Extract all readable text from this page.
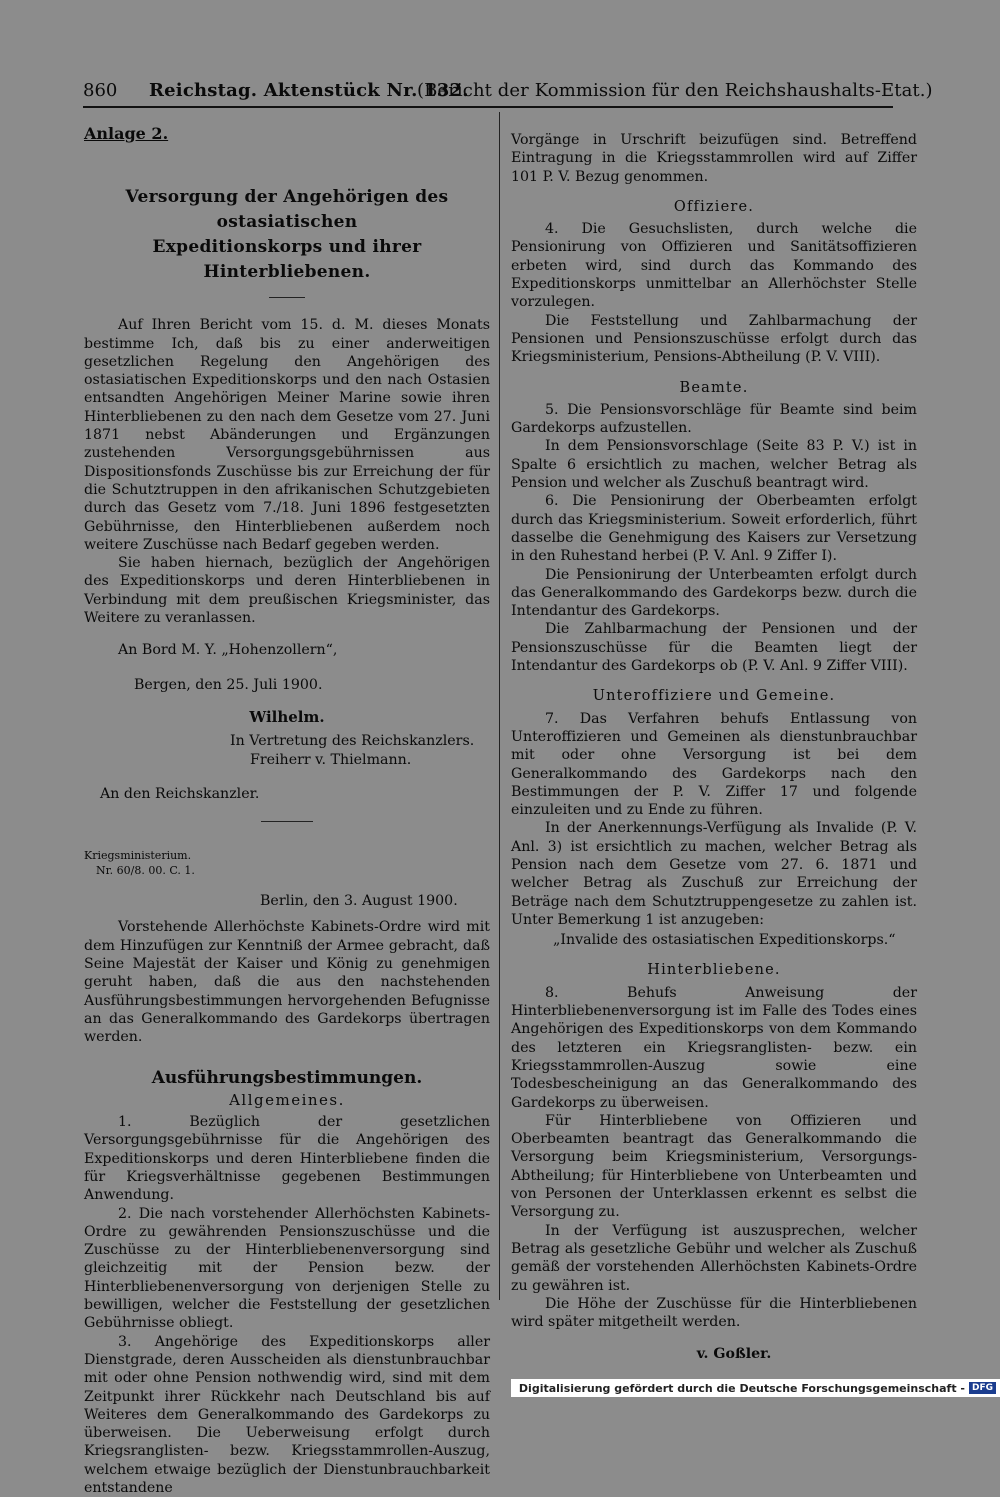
860 Reichstag. Aktenstück Nr. 132.
(Bericht der Kommission für den Reichshaushalts-Etat.)

Anlage 2.

Versorgung der Angehörigen des ostasiatischen

Expeditionskorps und ihrer Hinterbliebenen.

Auf Ihren Bericht vom 15. d. M. dieses Monats bestimme Ich, daß bis zu einer anderweitigen gesetzlichen Regelung den Angehörigen des ostasiatischen Expeditionskorps und den nach Ostasien entsandten Angehörigen Meiner Marine sowie ihren Hinterbliebenen zu den nach dem Gesetze vom 27. Juni 1871 nebst Abänderungen und Ergänzungen zustehenden Versorgungsgebührnissen aus Dispositionsfonds Zuschüsse bis zur Erreichung der für die Schutztruppen in den afrikanischen Schutzgebieten durch das Gesetz vom 7./18. Juni 1896 festgesetzten Gebührnisse, den Hinterbliebenen außerdem noch weitere Zuschüsse nach Bedarf gegeben werden.

Sie haben hiernach, bezüglich der Angehörigen des Expeditionskorps und deren Hinterbliebenen in Verbindung mit dem preußischen Kriegsminister, das Weitere zu veranlassen.

An Bord M. Y. „Hohenzollern“,

Bergen, den 25. Juli 1900.

Wilhelm.

In Vertretung des Reichskanzlers.

Freiherr v. Thielmann.

An den Reichskanzler.

Kriegsministerium.

Nr. 60/8. 00. C. 1.

Berlin, den 3. August 1900.

Vorstehende Allerhöchste Kabinets-Ordre wird mit dem Hinzufügen zur Kenntniß der Armee gebracht, daß Seine Majestät der Kaiser und König zu genehmigen geruht haben, daß die aus den nachstehenden Ausführungsbestimmungen hervorgehenden Befugnisse an das Generalkommando des Gardekorps übertragen werden.

Ausführungsbestimmungen.

Allgemeines.

1. Bezüglich der gesetzlichen Versorgungsgebührnisse für die Angehörigen des Expeditionskorps und deren Hinterbliebene finden die für Kriegsverhältnisse gegebenen Bestimmungen Anwendung.

2. Die nach vorstehender Allerhöchsten Kabinets-Ordre zu gewährenden Pensionszuschüsse und die Zuschüsse zu der Hinterbliebenenversorgung sind gleichzeitig mit der Pension bezw. der Hinterbliebenenversorgung von derjenigen Stelle zu bewilligen, welcher die Feststellung der gesetzlichen Gebührnisse obliegt.

3. Angehörige des Expeditionskorps aller Dienstgrade, deren Ausscheiden als dienstunbrauchbar mit oder ohne Pension nothwendig wird, sind mit dem Zeitpunkt ihrer Rückkehr nach Deutschland bis auf Weiteres dem Generalkommando des Gardekorps zu überweisen. Die Ueberweisung erfolgt durch Kriegsranglisten- bezw. Kriegsstammrollen-Auszug, welchem etwaige bezüglich der Dienstunbrauchbarkeit entstandene

Vorgänge in Urschrift beizufügen sind. Betreffend Eintragung in die Kriegsstammrollen wird auf Ziffer 101 P. V. Bezug genommen.

Offiziere.

4. Die Gesuchslisten, durch welche die Pensionirung von Offizieren und Sanitätsoffizieren erbeten wird, sind durch das Kommando des Expeditionskorps unmittelbar an Allerhöchster Stelle vorzulegen.

Die Feststellung und Zahlbarmachung der Pensionen und Pensionszuschüsse erfolgt durch das Kriegsministerium, Pensions-Abtheilung (P. V. VIII).

Beamte.

5. Die Pensionsvorschläge für Beamte sind beim Gardekorps aufzustellen.

In dem Pensionsvorschlage (Seite 83 P. V.) ist in Spalte 6 ersichtlich zu machen, welcher Betrag als Pension und welcher als Zuschuß beantragt wird.

6. Die Pensionirung der Oberbeamten erfolgt durch das Kriegsministerium. Soweit erforderlich, führt dasselbe die Genehmigung des Kaisers zur Versetzung in den Ruhestand herbei (P. V. Anl. 9 Ziffer I).

Die Pensionirung der Unterbeamten erfolgt durch das Generalkommando des Gardekorps bezw. durch die Intendantur des Gardekorps.

Die Zahlbarmachung der Pensionen und der Pensionszuschüsse für die Beamten liegt der Intendantur des Gardekorps ob (P. V. Anl. 9 Ziffer VIII).

Unteroffiziere und Gemeine.

7. Das Verfahren behufs Entlassung von Unteroffizieren und Gemeinen als dienstunbrauchbar mit oder ohne Versorgung ist bei dem Generalkommando des Gardekorps nach den Bestimmungen der P. V. Ziffer 17 und folgende einzuleiten und zu Ende zu führen.

In der Anerkennungs-Verfügung als Invalide (P. V. Anl. 3) ist ersichtlich zu machen, welcher Betrag als Pension nach dem Gesetze vom 27. 6. 1871 und welcher Betrag als Zuschuß zur Erreichung der Beträge nach dem Schutztruppengesetze zu zahlen ist. Unter Bemerkung 1 ist anzugeben:

„Invalide des ostasiatischen Expeditionskorps.“

Hinterbliebene.

8. Behufs Anweisung der Hinterbliebenenversorgung ist im Falle des Todes eines Angehörigen des Expeditionskorps von dem Kommando des letzteren ein Kriegsranglisten- bezw. ein Kriegsstammrollen-Auszug sowie eine Todesbescheinigung an das Generalkommando des Gardekorps zu überweisen.

Für Hinterbliebene von Offizieren und Oberbeamten beantragt das Generalkommando die Versorgung beim Kriegsministerium, Versorgungs-Abtheilung; für Hinterbliebene von Unterbeamten und von Personen der Unterklassen erkennt es selbst die Versorgung zu.

In der Verfügung ist auszusprechen, welcher Betrag als gesetzliche Gebühr und welcher als Zuschuß gemäß der vorstehenden Allerhöchsten Kabinets-Ordre zu gewähren ist.

Die Höhe der Zuschüsse für die Hinterbliebenen wird später mitgetheilt werden.

v. Goßler.

Digitalisierung gefördert durch die Deutsche Forschungsgemeinschaft - DFG
